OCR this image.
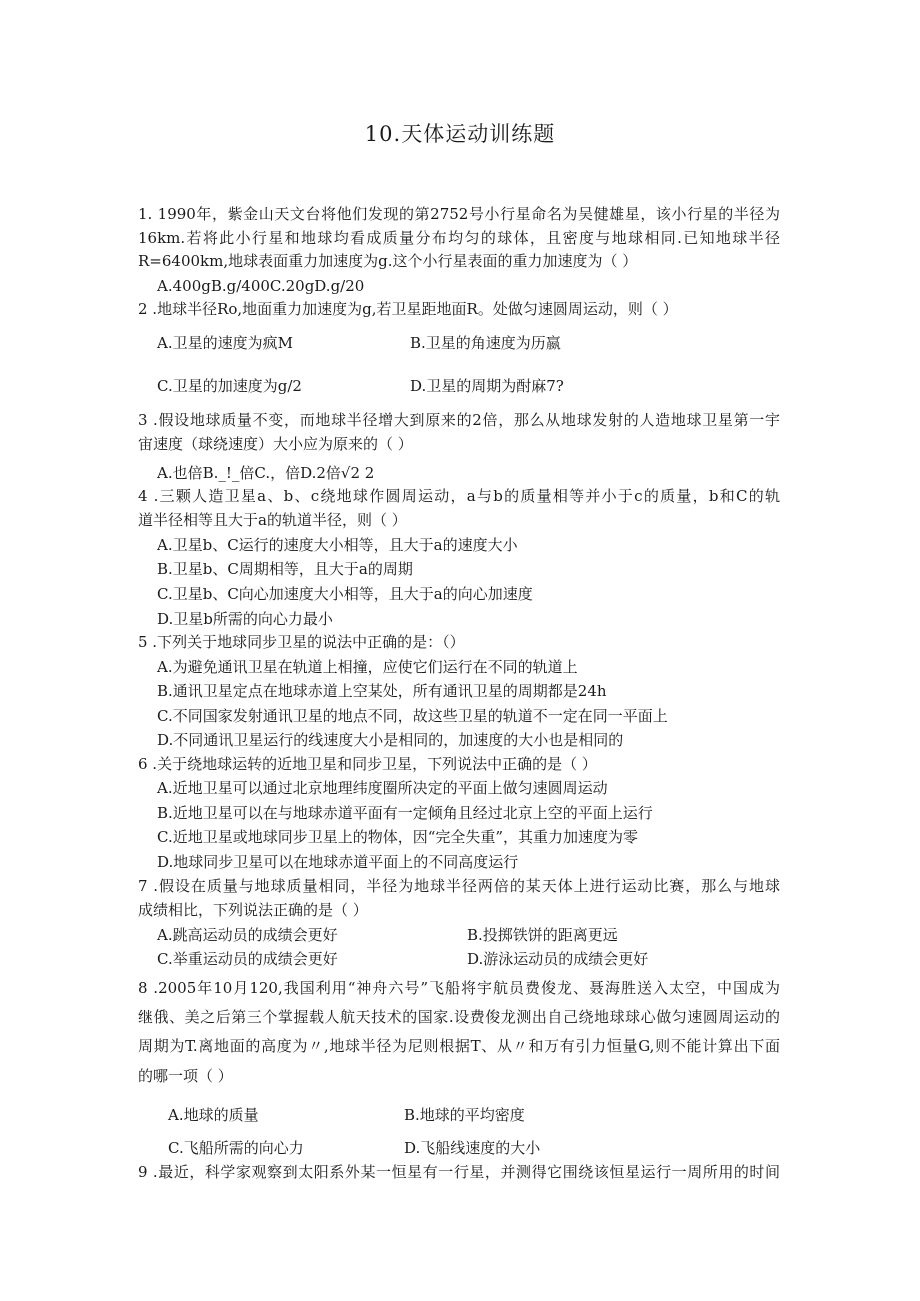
10.天体运动训练题
1. 1990年，紫金山天文台将他们发现的第2752号小行星命名为吴健雄星，该小行星的半径为
16km.若将此小行星和地球均看成质量分布均匀的球体，且密度与地球相同.已知地球半径
R=6400km,地球表面重力加速度为g.这个小行星表面的重力加速度为（ ）
A.400gB.g/400C.20gD.g/20
2 .地球半径Ro,地面重力加速度为g,若卫星距地面R。处做匀速圆周运动，则（ ）
A.卫星的速度为疯M	B.卫星的角速度为历嬴
C.卫星的加速度为g/2	D.卫星的周期为酎麻7?
3 .假设地球质量不变，而地球半径增大到原来的2倍，那么从地球发射的人造地球卫星第一宇
宙速度（球绕速度）大小应为原来的（ ）
A.也倍B._!_倍C.，倍D.2倍√2 2
4 .三颗人造卫星a、b、c绕地球作圆周运动，a与b的质量相等并小于c的质量，b和C的轨
道半径相等且大于a的轨道半径，则（ ）
A.卫星b、C运行的速度大小相等，且大于a的速度大小
B.卫星b、C周期相等，且大于a的周期
C.卫星b、C向心加速度大小相等，且大于a的向心加速度
D.卫星b所需的向心力最小
5 .下列关于地球同步卫星的说法中正确的是：（）
A.为避免通讯卫星在轨道上相撞，应使它们运行在不同的轨道上
B.通讯卫星定点在地球赤道上空某处，所有通讯卫星的周期都是24h
C.不同国家发射通讯卫星的地点不同，故这些卫星的轨道不一定在同一平面上
D.不同通讯卫星运行的线速度大小是相同的，加速度的大小也是相同的
6 .关于绕地球运转的近地卫星和同步卫星，下列说法中正确的是（ ）
A.近地卫星可以通过北京地理纬度圈所决定的平面上做匀速圆周运动
B.近地卫星可以在与地球赤道平面有一定倾角且经过北京上空的平面上运行
C.近地卫星或地球同步卫星上的物体，因“完全失重”，其重力加速度为零
D.地球同步卫星可以在地球赤道平面上的不同高度运行
7 .假设在质量与地球质量相同，半径为地球半径两倍的某天体上进行运动比赛，那么与地球
成绩相比，下列说法正确的是（ ）
A.跳高运动员的成绩会更好	B.投掷铁饼的距离更远
C.举重运动员的成绩会更好	D.游泳运动员的成绩会更好
8 .2005年10月120,我国利用“神舟六号”飞船将宇航员费俊龙、聂海胜送入太空，中国成为
继俄、美之后第三个掌握载人航天技术的国家.设费俊龙测出自己绕地球球心做匀速圆周运动的
周期为T.离地面的高度为〃,地球半径为尼则根据T、从〃和万有引力恒量G,则不能计算出下面
的哪一项（ ）
A.地球的质量	B.地球的平均密度
C.飞船所需的向心力	D.飞船线速度的大小
9 .最近，科学家观察到太阳系外某一恒星有一行星，并测得它围绕该恒星运行一周所用的时间
